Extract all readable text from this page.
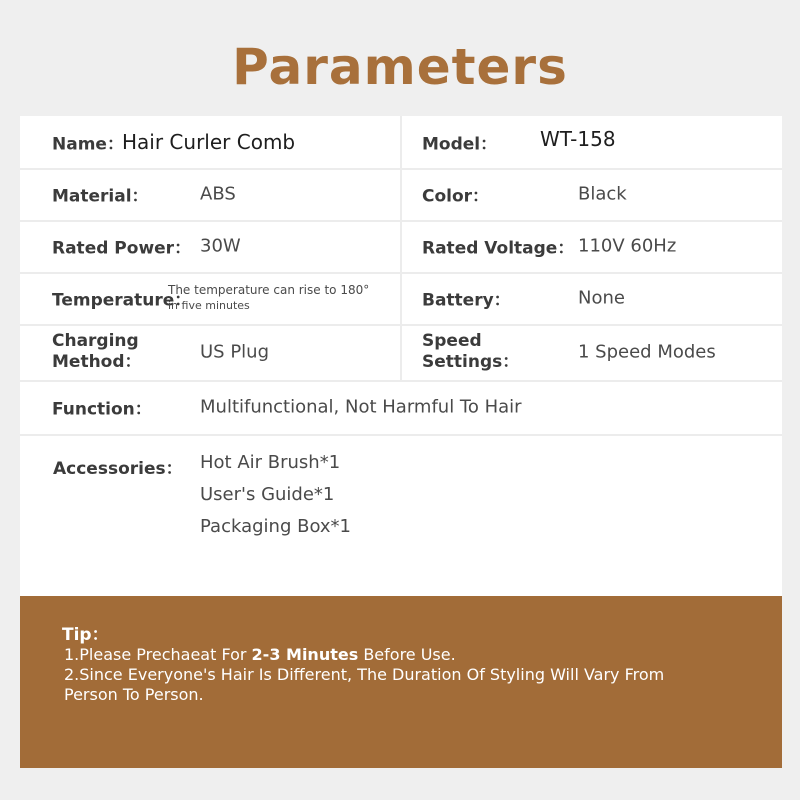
Parameters
Name：
Hair Curler Comb	Model： WT-158
Material：	ABS	Color：	Black
Rated Power： 30W	Rated Voltage： 110V 60Hz
Temperature：
The temperature can rise to 180°
in five minutes	Battery：	None
Charging
Method：	US Plug
Speed
Settings：	1 Speed Modes
Function：	Multifunctional, Not Harmful To Hair
Accessories： Hot Air Brush*1
User's Guide*1
Packaging Box*1
Tip：
1.Please Prechaeat For 2-3 Minutes Before Use.
2.Since Everyone's Hair Is Different, The Duration Of Styling Will Vary From
Person To Person.
